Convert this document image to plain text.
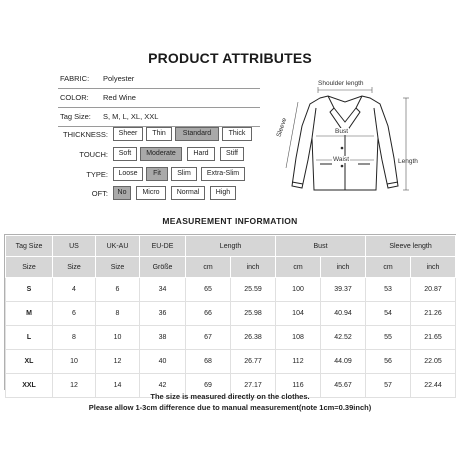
PRODUCT ATTRIBUTES
FABRIC: Polyester
COLOR: Red Wine
Tag Size: S, M, L, XL, XXL
THICKNESS:	Sheer	Thin	Standard	Thick
TOUCH:	Soft	Moderate	Hard	Stiff
TYPE:	Loose	Fit	Slim	Extra-Slim
OFT:	No	Micro	Normal	High
Shoulder length
Sleeve	Bust
Waist	Length
MEASUREMENT INFORMATION
Tag Size	US	UK-AU	EU-DE	Length		Bust		Sleeve length	
Size	Size	Size	Größe	cm	inch	cm	inch	cm	inch
S	4	6	34	65	25.59	100	39.37	53	20.87
M	6	8	36	66	25.98	104	40.94	54	21.26
L	8	10	38	67	26.38	108	42.52	55	21.65
XL	10	12	40	68	26.77	112	44.09	56	22.05
XXL	12	14	42	69	27.17	116	45.67	57	22.44
The size is measured directly on the clothes.
Please allow 1-3cm difference due to manual measurement(note 1cm=0.39inch)
